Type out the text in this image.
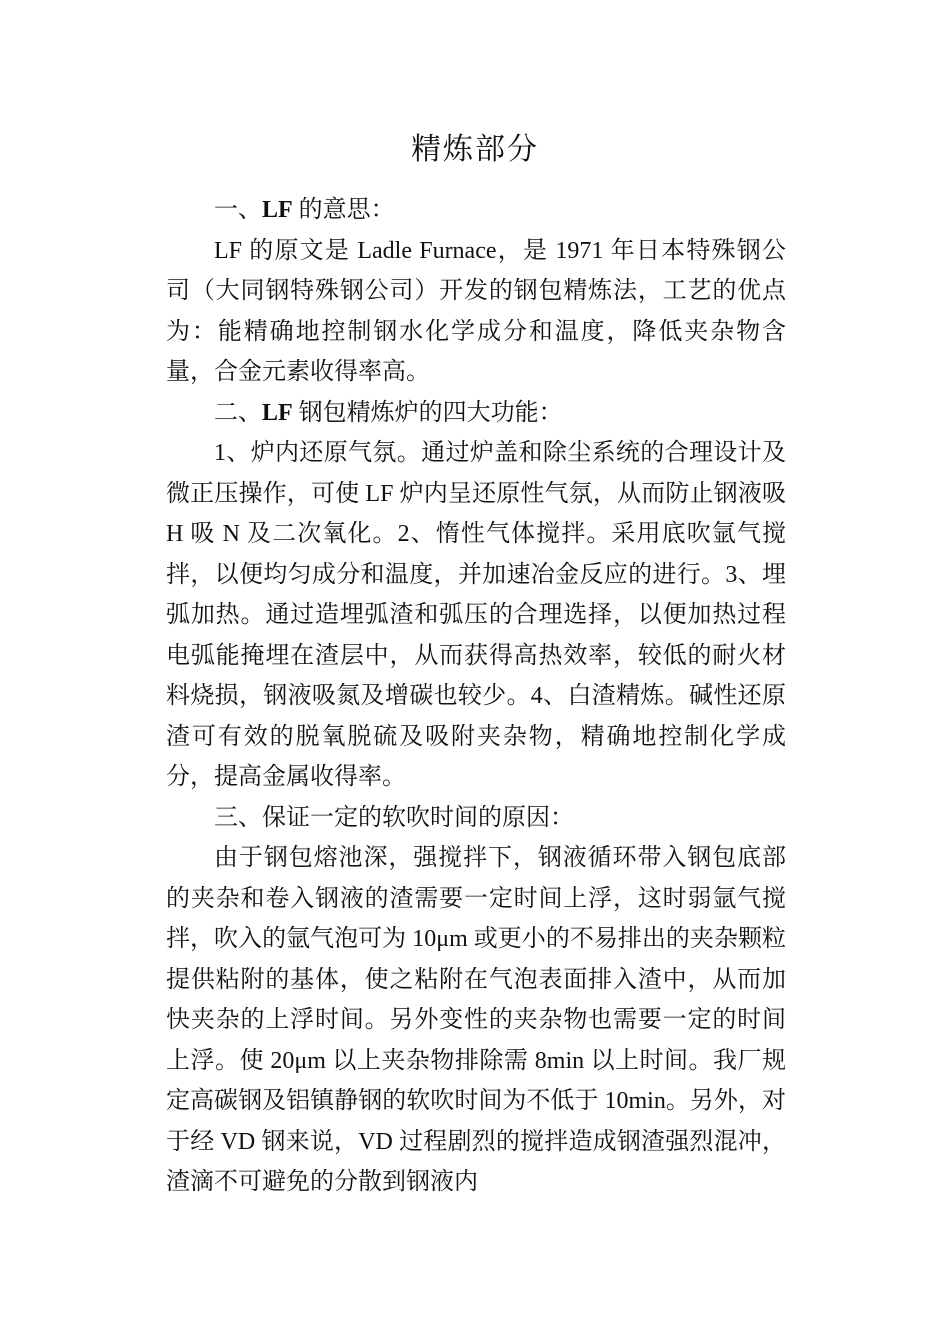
精炼部分

一、LF 的意思：

LF 的原文是 Ladle Furnace，是 1971 年日本特殊钢公司（大同钢特殊钢公司）开发的钢包精炼法，工艺的优点为：能精确地控制钢水化学成分和温度，降低夹杂物含量，合金元素收得率高。

二、LF 钢包精炼炉的四大功能：

1、炉内还原气氛。通过炉盖和除尘系统的合理设计及微正压操作，可使 LF 炉内呈还原性气氛，从而防止钢液吸 H 吸 N 及二次氧化。2、惰性气体搅拌。采用底吹氩气搅拌，以便均匀成分和温度，并加速冶金反应的进行。3、埋弧加热。通过造埋弧渣和弧压的合理选择，以便加热过程电弧能掩埋在渣层中，从而获得高热效率，较低的耐火材料烧损，钢液吸氮及增碳也较少。4、白渣精炼。碱性还原渣可有效的脱氧脱硫及吸附夹杂物，精确地控制化学成分，提高金属收得率。

三、保证一定的软吹时间的原因：

由于钢包熔池深，强搅拌下，钢液循环带入钢包底部的夹杂和卷入钢液的渣需要一定时间上浮，这时弱氩气搅拌，吹入的氩气泡可为 10μm 或更小的不易排出的夹杂颗粒提供粘附的基体，使之粘附在气泡表面排入渣中，从而加快夹杂的上浮时间。另外变性的夹杂物也需要一定的时间上浮。使 20μm 以上夹杂物排除需 8min 以上时间。我厂规定高碳钢及铝镇静钢的软吹时间为不低于 10min。另外，对于经 VD 钢来说，VD 过程剧烈的搅拌造成钢渣强烈混冲，渣滴不可避免的分散到钢液内
